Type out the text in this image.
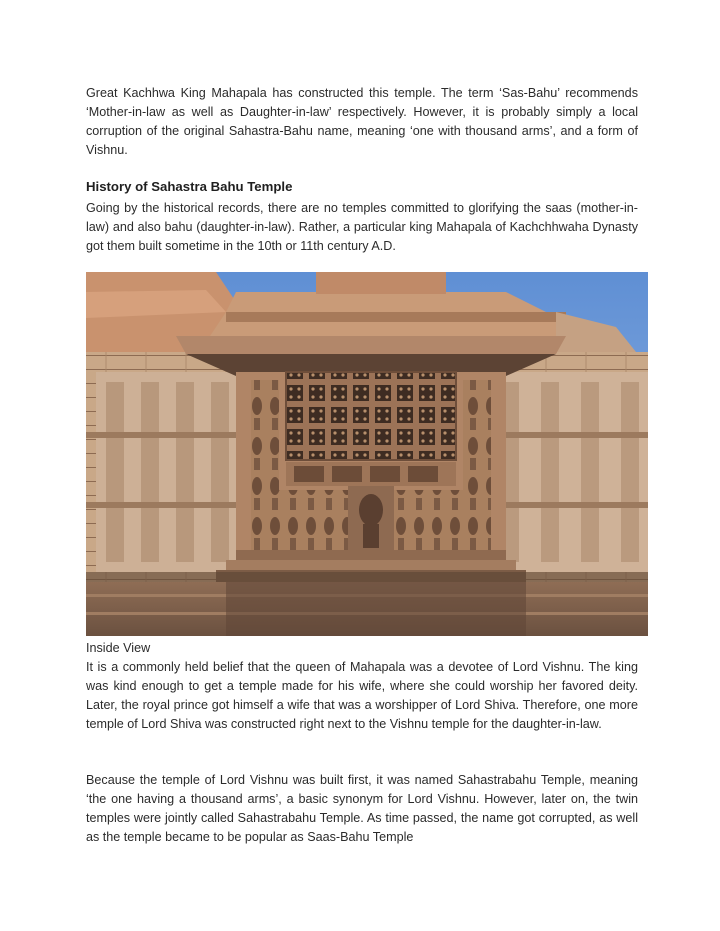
Great Kachhwa King Mahapala has constructed this temple. The term ‘Sas-Bahu’ recommends ‘Mother-in-law as well as Daughter-in-law’ respectively. However, it is probably simply a local corruption of the original Sahastra-Bahu name, meaning ‘one with thousand arms’, and a form of Vishnu.

History of Sahastra Bahu Temple

Going by the historical records, there are no temples committed to glorifying the saas (mother-in-law) and also bahu (daughter-in-law). Rather, a particular king Mahapala of Kachchhwaha Dynasty got them built sometime in the 10th or 11th century A.D.

Inside View

It is a commonly held belief that the queen of Mahapala was a devotee of Lord Vishnu. The king was kind enough to get a temple made for his wife, where she could worship her favored deity. Later, the royal prince got himself a wife that was a worshipper of Lord Shiva. Therefore, one more temple of Lord Shiva was constructed right next to the Vishnu temple for the daughter-in-law.

Because the temple of Lord Vishnu was built first, it was named Sahastrabahu Temple, meaning ‘the one having a thousand arms’, a basic synonym for Lord Vishnu. However, later on, the twin temples were jointly called Sahastrabahu Temple. As time passed, the name got corrupted, as well as the temple became to be popular as Saas-Bahu Temple
